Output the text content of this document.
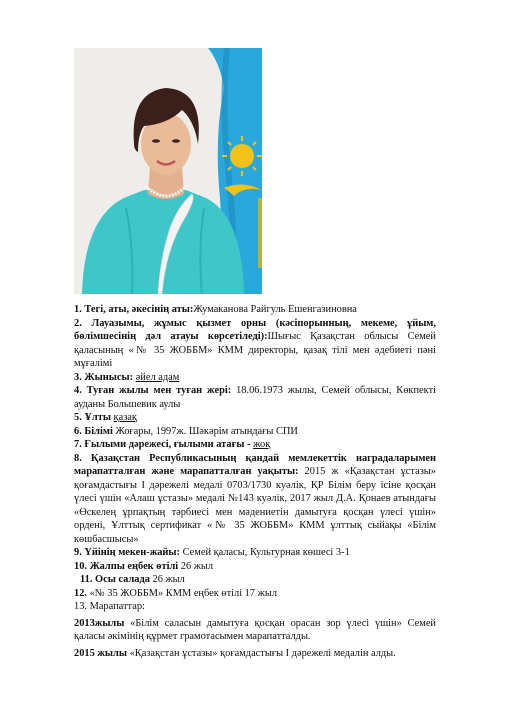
1. Тегі, аты, әкесінің аты:Жумаканова Райгуль Ешенгазиновна

2. Лауазымы, жұмыс қызмет орны (кәсіпорынның, мекеме, ұйым, бөлімшесінің дәл атауы көрсетіледі):Шығыс Қазақстан облысы Семей қаласының «№ 35 ЖОББМ» КММ директоры, қазақ тілі мен әдебиеті пәні мұғалімі

3. Жынысы: әйел адам

4. Туған жылы мен туған жері: 18.06.1973 жылы, Семей облысы, Көкпекті ауданы Большевик аулы

5. Ұлты қазақ

6. Білімі Жоғары, 1997ж. Шәкәрім атындағы СПИ

7. Ғылыми дәрежесі, ғылыми атағы - жоқ

8. Қазақстан Республикасының қандай мемлекеттік наградаларымен марапатталған және марапатталған уақыты: 2015 ж «Қазақстан ұстазы» қоғамдастығы I дәрежелі медалі 0703/1730 куәлік, ҚР Білім беру ісіне қосқан үлесі үшін «Алаш ұстазы» медалі №143 куәлік, 2017 жыл Д.А. Қонаев атындағы «Өскелең ұрпақтың тәрбиесі мен мәдениетін дамытуға қосқан үлесі үшін» ордені, Ұлттық сертификат «№ 35 ЖОББМ» КММ ұлттық сыйақы «Білім көшбасшысы»

9. Үйінің мекен-жайы: Семей қаласы, Культурная көшесі 3-1

10. Жалпы еңбек өтілі 26 жыл

11. Осы салада 26 жыл

12. «№ 35 ЖОББМ» КММ еңбек өтілі 17 жыл

13. Марапаттар:

2013жылы «Білім саласын дамытуға қосқан орасан зор үлесі үшін» Семей қаласы әкімінің құрмет грамотасымен марапатталды.

2015 жылы «Қазақстан ұстазы» қоғамдастығы I дәрежелі медалін алды.
